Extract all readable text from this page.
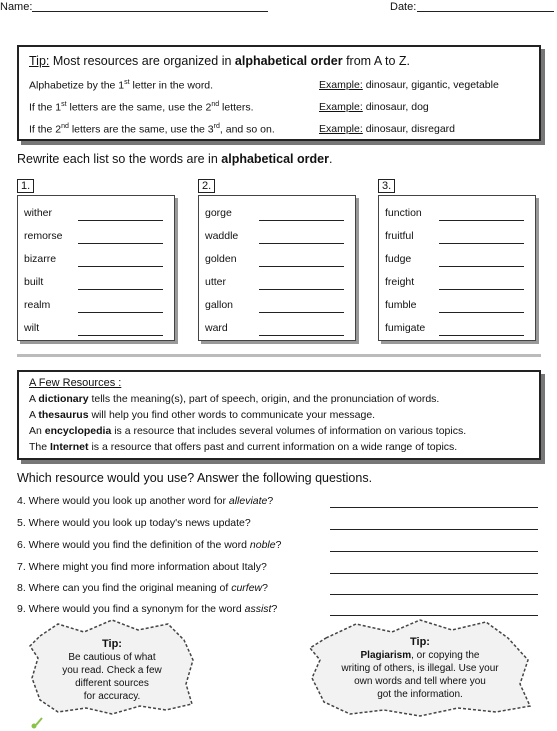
Name:	Date:
Tip: Most resources are organized in alphabetical order from A to Z.
Alphabetize by the 1st letter in the word.	Example: dinosaur, gigantic, vegetable
If the 1st letters are the same, use the 2nd letters.	Example: dinosaur, dog
If the 2nd letters are the same, use the 3rd, and so on.	Example: dinosaur, disregard
Rewrite each list so the words are in alphabetical order.
1.
wither
remorse
bizarre
built
realm
wilt
2.
gorge
waddle
golden
utter
gallon
ward
3.
function
fruitful
fudge
freight
fumble
fumigate
A Few Resources :
A dictionary tells the meaning(s), part of speech, origin, and the pronunciation of words.
A thesaurus will help you find other words to communicate your message.
An encyclopedia is a resource that includes several volumes of information on various topics.
The Internet is a resource that offers past and current information on a wide range of topics.
Which resource would you use? Answer the following questions.
4. Where would you look up another word for alleviate?
5. Where would you look up today's news update?
6. Where would you find the definition of the word noble?
7. Where might you find more information about Italy?
8. Where can you find the original meaning of curfew?
9. Where would you find a synonym for the word assist?
Tip:
Be cautious of what
you read. Check a few
different sources
for accuracy.
Tip:
Plagiarism, or copying the
writing of others, is illegal. Use your
own words and tell where you
got the information.
